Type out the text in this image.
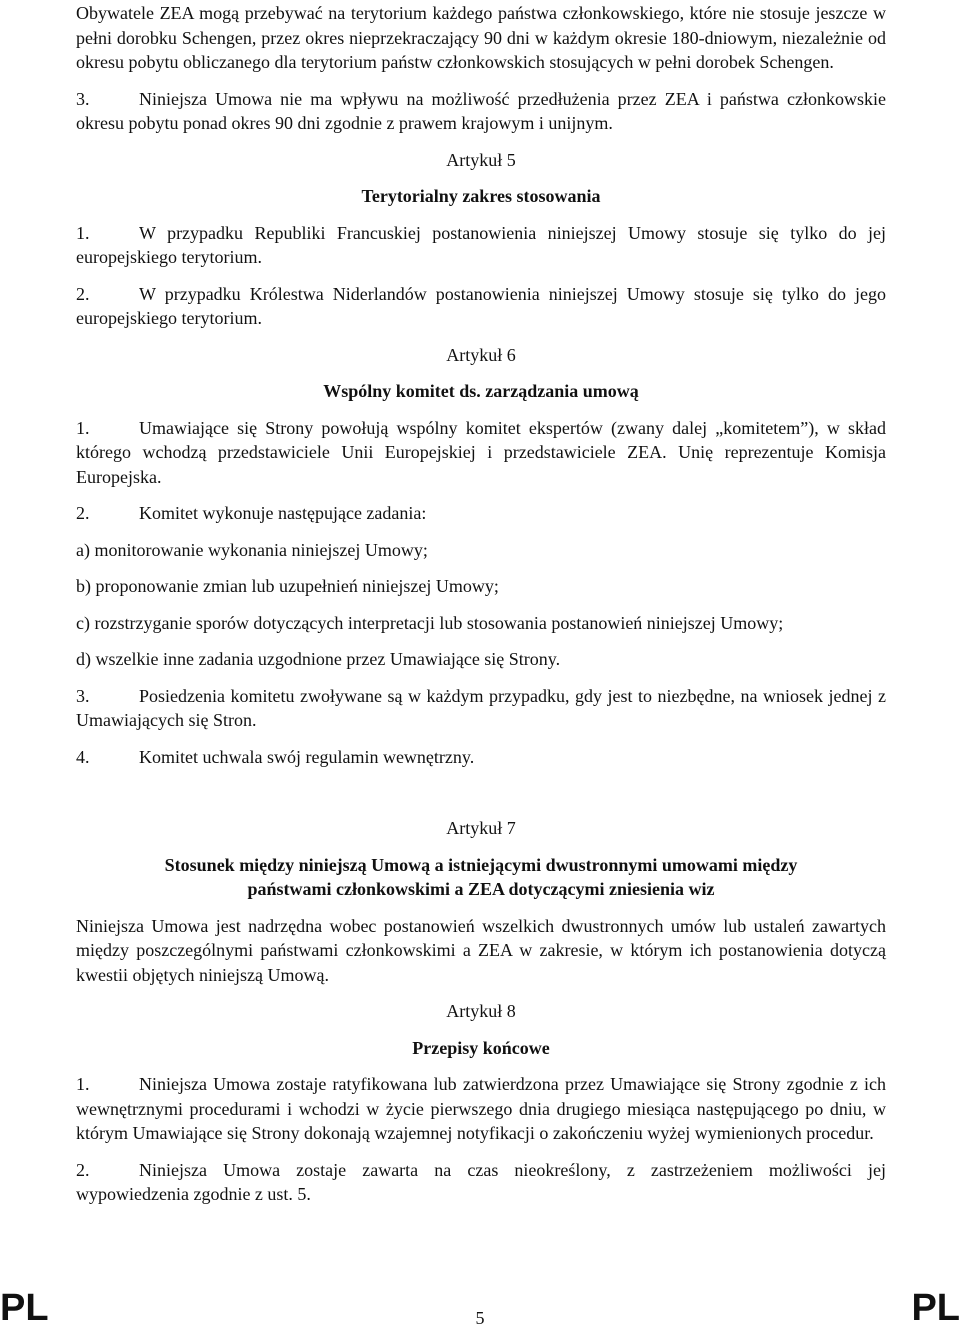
Obywatele ZEA mogą przebywać na terytorium każdego państwa członkowskiego, które nie stosuje jeszcze w pełni dorobku Schengen, przez okres nieprzekraczający 90 dni w każdym okresie 180-dniowym, niezależnie od okresu pobytu obliczanego dla terytorium państw członkowskich stosujących w pełni dorobek Schengen.

3.	Niniejsza Umowa nie ma wpływu na możliwość przedłużenia przez ZEA i państwa członkowskie okresu pobytu ponad okres 90 dni zgodnie z prawem krajowym i unijnym.

Artykuł 5

Terytorialny zakres stosowania

1.	W przypadku Republiki Francuskiej postanowienia niniejszej Umowy stosuje się tylko do jej europejskiego terytorium.

2.	W przypadku Królestwa Niderlandów postanowienia niniejszej Umowy stosuje się tylko do jego europejskiego terytorium.

Artykuł 6

Wspólny komitet ds. zarządzania umową

1.	Umawiające się Strony powołują wspólny komitet ekspertów (zwany dalej „komitetem”), w skład którego wchodzą przedstawiciele Unii Europejskiej i przedstawiciele ZEA. Unię reprezentuje Komisja Europejska.

2.	Komitet wykonuje następujące zadania:

a) monitorowanie wykonania niniejszej Umowy;

b) proponowanie zmian lub uzupełnień niniejszej Umowy;

c) rozstrzyganie sporów dotyczących interpretacji lub stosowania postanowień niniejszej Umowy;

d) wszelkie inne zadania uzgodnione przez Umawiające się Strony.

3.	Posiedzenia komitetu zwoływane są w każdym przypadku, gdy jest to niezbędne, na wniosek jednej z Umawiających się Stron.

4.	Komitet uchwala swój regulamin wewnętrzny.

Artykuł 7

Stosunek między niniejszą Umową a istniejącymi dwustronnymi umowami między

państwami członkowskimi a ZEA dotyczącymi zniesienia wiz

Niniejsza Umowa jest nadrzędna wobec postanowień wszelkich dwustronnych umów lub ustaleń zawartych między poszczególnymi państwami członkowskimi a ZEA w zakresie, w którym ich postanowienia dotyczą kwestii objętych niniejszą Umową.

Artykuł 8

Przepisy końcowe

1.	Niniejsza Umowa zostaje ratyfikowana lub zatwierdzona przez Umawiające się Strony zgodnie z ich wewnętrznymi procedurami i wchodzi w życie pierwszego dnia drugiego miesiąca następującego po dniu, w którym Umawiające się Strony dokonają wzajemnej notyfikacji o zakończeniu wyżej wymienionych procedur.

2.	Niniejsza Umowa zostaje zawarta na czas nieokreślony, z zastrzeżeniem możliwości jej wypowiedzenia zgodnie z ust. 5.

PL	5	PL
